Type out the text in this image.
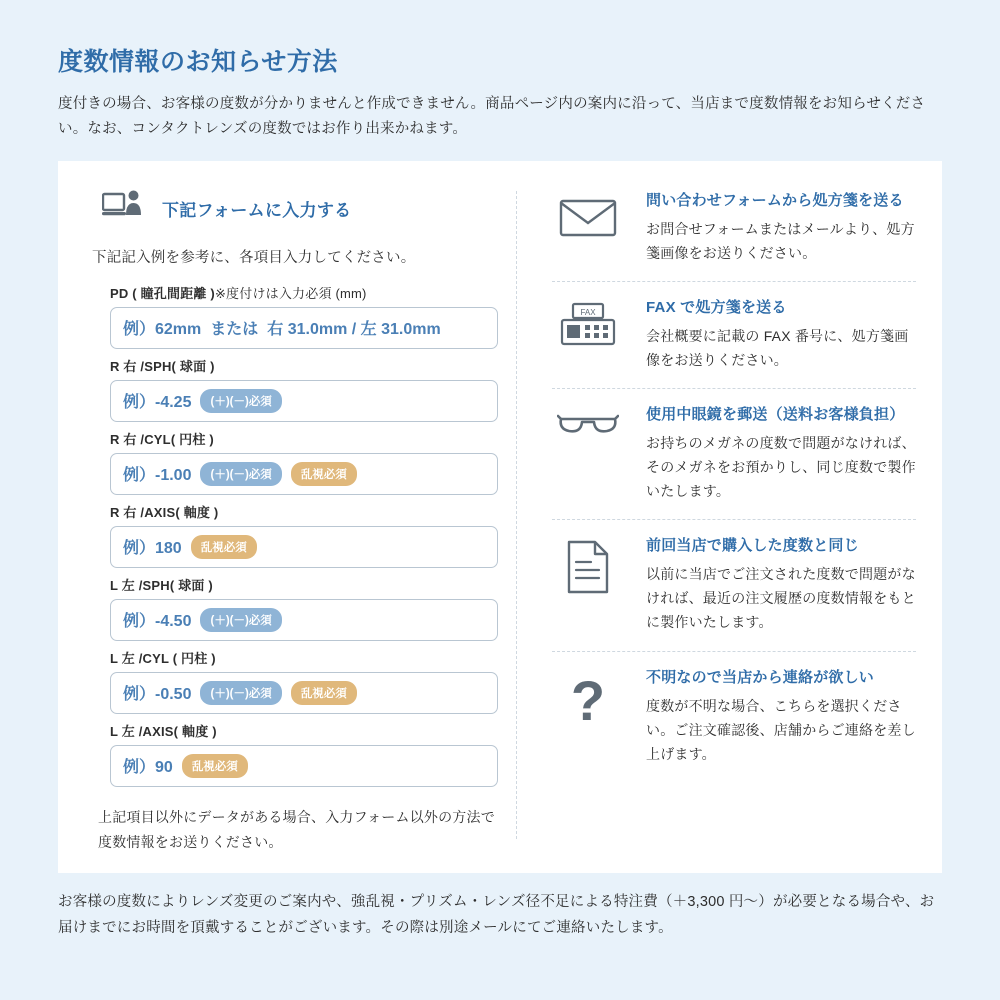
度数情報のお知らせ方法

度付きの場合、お客様の度数が分かりませんと作成できません。商品ページ内の案内に沿って、当店まで度数情報をお知らせください。なお、コンタクトレンズの度数ではお作り出来かねます。

下記フォームに入力する
下記記入例を参考に、各項目入力してください。
PD ( 瞳孔間距離 )※度付けは入力必須 (mm)
例）62mm または 右 31.0mm / 左 31.0mm
R 右 /SPH( 球面 )
例）-4.25	(＋)(－)必須
R 右 /CYL( 円柱 )
例）-1.00	(＋)(－)必須	乱視必須
R 右 /AXIS( 軸度 )
例）180	乱視必須
L 左 /SPH( 球面 )
例）-4.50	(＋)(－)必須
L 左 /CYL ( 円柱 )
例）-0.50	(＋)(－)必須	乱視必須
L 左 /AXIS( 軸度 )
例）90	乱視必須
上記項目以外にデータがある場合、入力フォーム以外の方法で度数情報をお送りください。
問い合わせフォームから処方箋を送る
お問合せフォームまたはメールより、処方箋画像をお送りください。
FAX	FAX で処方箋を送る
会社概要に記載の FAX 番号に、処方箋画像をお送りください。
使用中眼鏡を郵送（送料お客様負担）
お持ちのメガネの度数で問題がなければ、そのメガネをお預かりし、同じ度数で製作いたします。
前回当店で購入した度数と同じ
以前に当店でご注文された度数で問題がなければ、最近の注文履歴の度数情報をもとに製作いたします。
?	不明なので当店から連絡が欲しい
度数が不明な場合、こちらを選択ください。ご注文確認後、店舗からご連絡を差し上げます。

お客様の度数によりレンズ変更のご案内や、強乱視・プリズム・レンズ径不足による特注費（＋3,300 円〜）が必要となる場合や、お届けまでにお時間を頂戴することがございます。その際は別途メールにてご連絡いたします。
